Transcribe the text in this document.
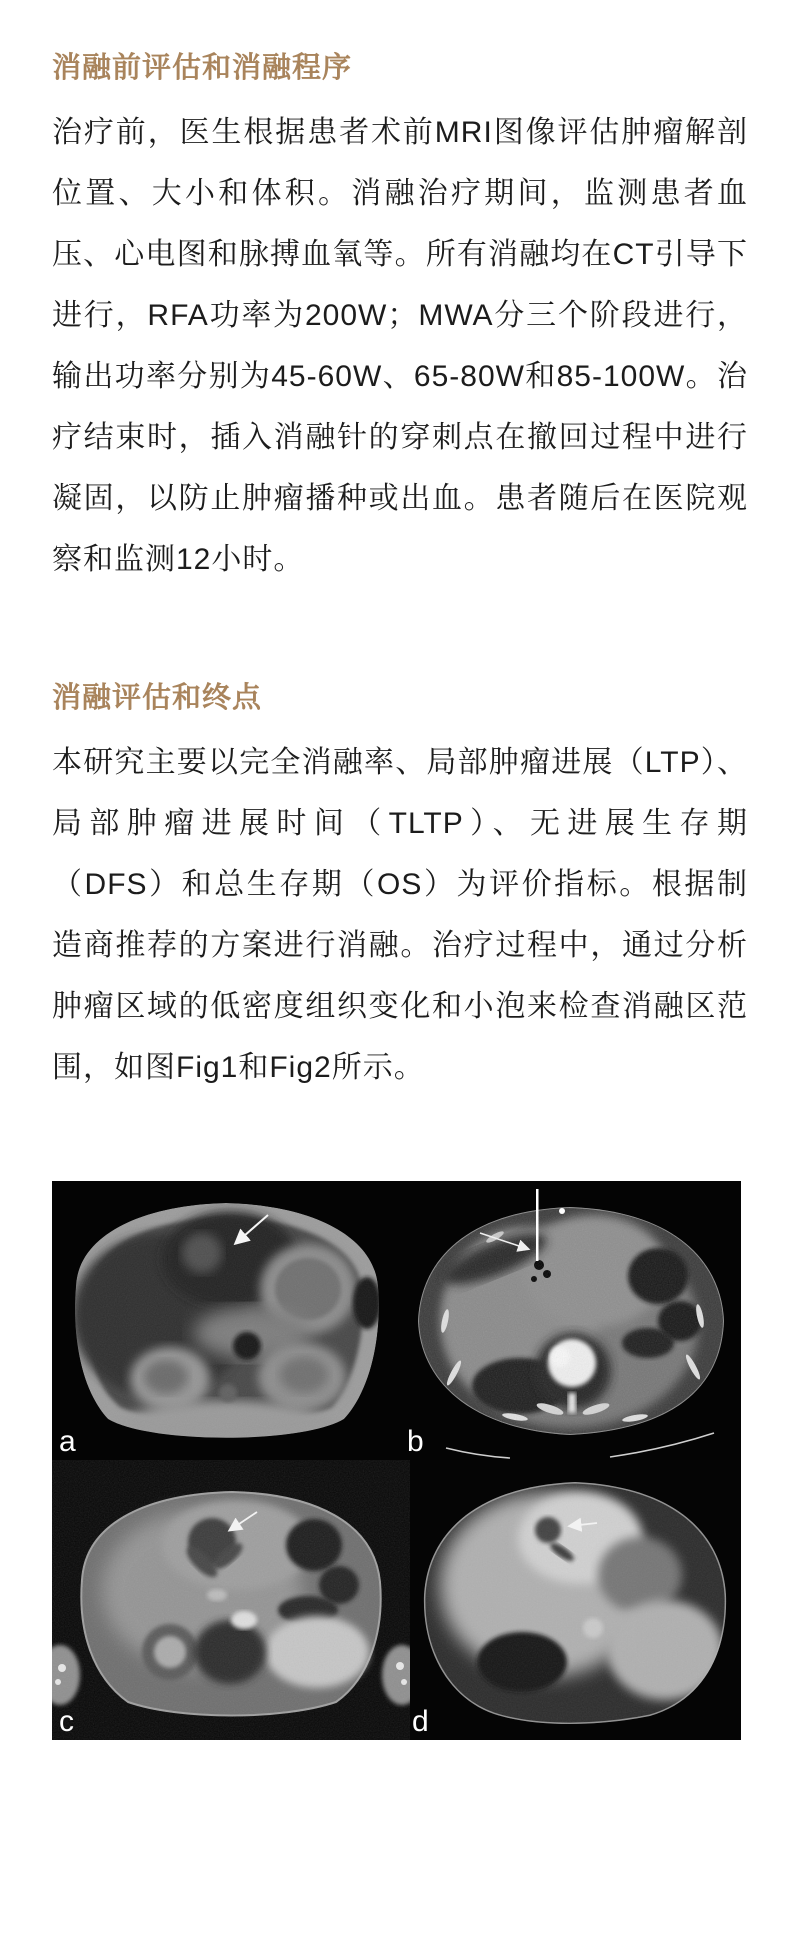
消融前评估和消融程序

治疗前，医生根据患者术前MRI图像评估肿瘤解剖位置、大小和体积。消融治疗期间，监测患者血压、心电图和脉搏血氧等。所有消融均在CT引导下进行，RFA功率为200W；MWA分三个阶段进行，输出功率分别为45-60W、65-80W和85-100W。治疗结束时，插入消融针的穿刺点在撤回过程中进行凝固，以防止肿瘤播种或出血。患者随后在医院观察和监测12小时。

消融评估和终点

本研究主要以完全消融率、局部肿瘤进展（LTP）、局部肿瘤进展时间（TLTP）、无进展生存期（DFS）和总生存期（OS）为评价指标。根据制造商推荐的方案进行消融。治疗过程中，通过分析肿瘤区域的低密度组织变化和小泡来检查消融区范围，如图Fig1和Fig2所示。

a	b
c	d
